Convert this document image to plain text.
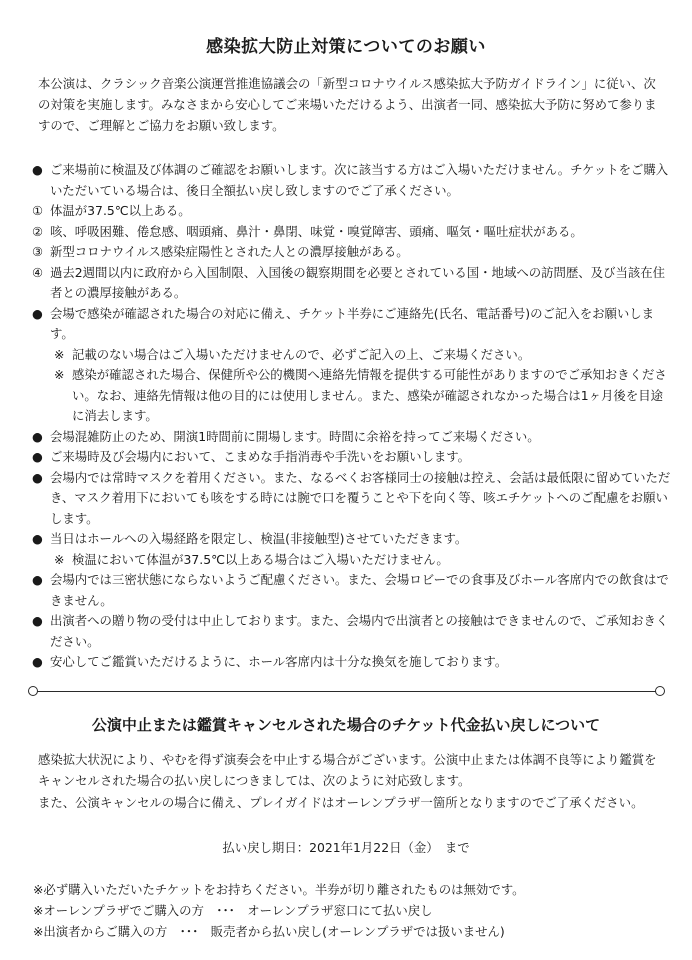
感染拡大防止対策についてのお願い

本公演は、クラシック音楽公演運営推進協議会の「新型コロナウイルス感染拡大予防ガイドライン」に従い、次の対策を実施します。みなさまから安心してご来場いただけるよう、出演者一同、感染拡大予防に努めて参りますので、ご理解とご協力をお願い致します。

● ご来場前に検温及び体調のご確認をお願いします。次に該当する方はご入場いただけません。チケットをご購入いただいている場合は、後日全額払い戻し致しますのでご了承ください。
① 体温が37.5℃以上ある。
② 咳、呼吸困難、倦怠感、咽頭痛、鼻汁・鼻閉、味覚・嗅覚障害、頭痛、嘔気・嘔吐症状がある。
③ 新型コロナウイルス感染症陽性とされた人との濃厚接触がある。
④ 過去2週間以内に政府から入国制限、入国後の観察期間を必要とされている国・地域への訪問歴、及び当該在住者との濃厚接触がある。
● 会場で感染が確認された場合の対応に備え、チケット半券にご連絡先(氏名、電話番号)のご記入をお願いします。
※ 記載のない場合はご入場いただけませんので、必ずご記入の上、ご来場ください。
※ 感染が確認された場合、保健所や公的機関へ連絡先情報を提供する可能性がありますのでご承知おきください。なお、連絡先情報は他の目的には使用しません。また、感染が確認されなかった場合は1ヶ月後を目途に消去します。
● 会場混雑防止のため、開演1時間前に開場します。時間に余裕を持ってご来場ください。
● ご来場時及び会場内において、こまめな手指消毒や手洗いをお願いします。
● 会場内では常時マスクを着用ください。また、なるべくお客様同士の接触は控え、会話は最低限に留めていただき、マスク着用下においても咳をする時には腕で口を覆うことや下を向く等、咳エチケットへのご配慮をお願いします。
● 当日はホールへの入場経路を限定し、検温(非接触型)させていただきます。
※ 検温において体温が37.5℃以上ある場合はご入場いただけません。
● 会場内では三密状態にならないようご配慮ください。また、会場ロビーでの食事及びホール客席内での飲食はできません。
● 出演者への贈り物の受付は中止しております。また、会場内で出演者との接触はできませんので、ご承知おきください。
● 安心してご鑑賞いただけるように、ホール客席内は十分な換気を施しております。
公演中止または鑑賞キャンセルされた場合のチケット代金払い戻しについて

感染拡大状況により、やむを得ず演奏会を中止する場合がございます。公演中止または体調不良等により鑑賞をキャンセルされた場合の払い戻しにつきましては、次のように対応致します。

また、公演キャンセルの場合に備え、プレイガイドはオーレンプラザ一箇所となりますのでご了承ください。

払い戻し期日：2021年1月22日（金）　まで
※必ず購入いただいたチケットをお持ちください。半券が切り離されたものは無効です。
※オーレンプラザでご購入の方　･･･　オーレンプラザ窓口にて払い戻し
※出演者からご購入の方　･･･　販売者から払い戻し(オーレンプラザでは扱いません)
